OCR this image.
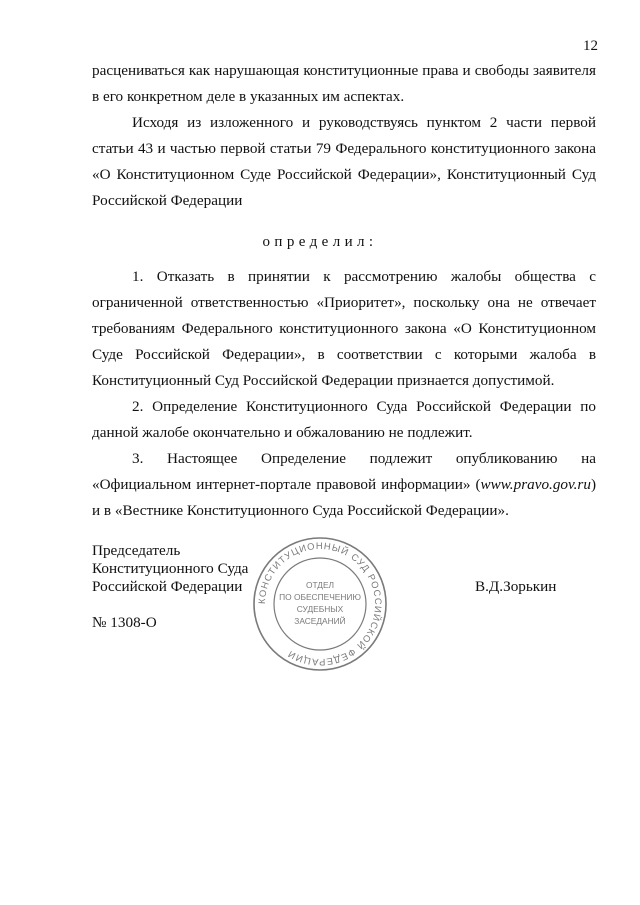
12

расцениваться как нарушающая конституционные права и свободы заявителя в его конкретном деле в указанных им аспектах.

Исходя из изложенного и руководствуясь пунктом 2 части первой статьи 43 и частью первой статьи 79 Федерального конституционного закона «О Конституционном Суде Российской Федерации», Конституционный Суд Российской Федерации

определил:

1. Отказать в принятии к рассмотрению жалобы общества с ограниченной ответственностью «Приоритет», поскольку она не отвечает требованиям Федерального конституционного закона «О Конституционном Суде Российской Федерации», в соответствии с которыми жалоба в Конституционный Суд Российской Федерации признается допустимой.

2. Определение Конституционного Суда Российской Федерации по данной жалобе окончательно и обжалованию не подлежит.

3. Настоящее Определение подлежит опубликованию на «Официальном интернет-портале правовой информации» (www.pravo.gov.ru) и в «Вестнике Конституционного Суда Российской Федерации».

Председатель
Конституционного Суда
Российской Федерации	В.Д.Зорькин
№ 1308-О
КОНСТИТУЦИОННЫЙ СУД РОССИЙСКОЙ ФЕДЕРАЦИИ
ОТДЕЛ
ПО ОБЕСПЕЧЕНИЮ
СУДЕБНЫХ
ЗАСЕДАНИЙ
